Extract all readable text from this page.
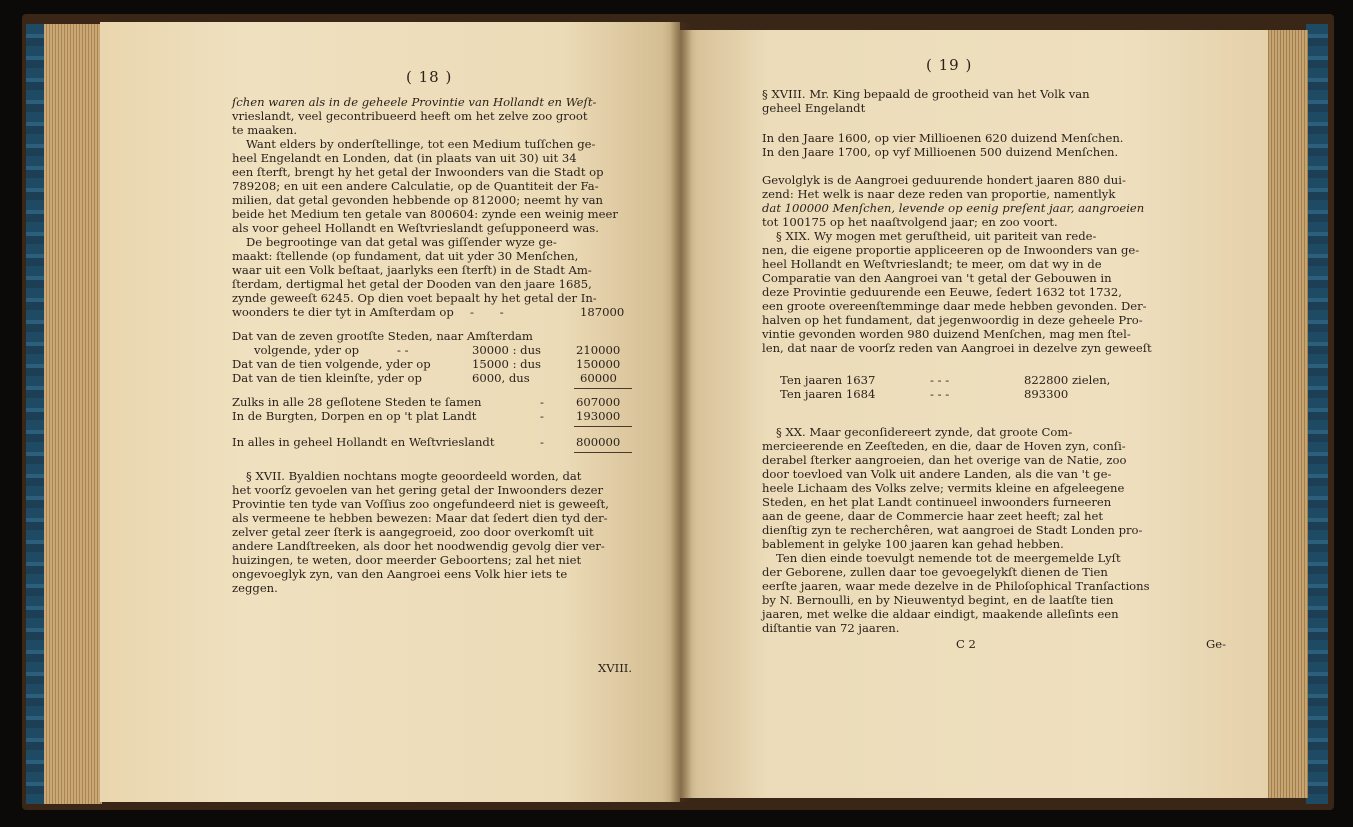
( 18 )
ſchen waren als in de geheele Provintie van Hollandt en Weſt-
vrieslandt, veel gecontribueerd heeft om het zelve zoo groot
te maaken.
Want elders by onderſtellinge, tot een Medium tuſſchen ge-
heel Engelandt en Londen, dat (in plaats van uit 30) uit 34
een ſterft, brengt hy het getal der Inwoonders van die Stadt op
789208; en uit een andere Calculatie, op de Quantiteit der Fa-
milien, dat getal gevonden hebbende op 812000; neemt hy van
beide het Medium ten getale van 800604: zynde een weinig meer
als voor geheel Hollandt en Weſtvrieslandt geſupponeerd was.
De begrootinge van dat getal was giſſender wyze ge-
maakt: ſtellende (op fundament, dat uit yder 30 Menſchen,
waar uit een Volk beſtaat, jaarlyks een ſterft) in de Stadt Am-
ſterdam, dertigmal het getal der Dooden van den jaare 1685,
zynde geweeſt 6245. Op dien voet bepaalt hy het getal der In-
woonders te dier tyt in Amſterdam op -       -	187000
Dat van de zeven grootſte Steden, naar Amſterdam
volgende, yder op	- -	30000 : dus	210000
Dat van de tien volgende, yder op	15000 : dus	150000
Dat van de tien kleinſte, yder op	6000, dus	60000
Zulks in alle 28 geſlotene Steden te ſamen	-	607000
In de Burgten, Dorpen en op 't plat Landt	-	193000
In alles in geheel Hollandt en Weſtvrieslandt	-	800000
§ XVII. Byaldien nochtans mogte geoordeeld worden, dat
het voorſz gevoelen van het gering getal der Inwoonders dezer
Provintie ten tyde van Voſſius zoo ongefundeerd niet is geweeſt,
als vermeene te hebben bewezen: Maar dat ſedert dien tyd der-
zelver getal zeer ſterk is aangegroeid, zoo door overkomſt uit
andere Landſtreeken, als door het noodwendig gevolg dier ver-
huizingen, te weten, door meerder Geboortens; zal het niet
ongevoeglyk zyn, van den Aangroei eens Volk hier iets te
zeggen.
XVIII.
( 19 )
§ XVIII. Mr. King bepaald de grootheid van het Volk van
geheel Engelandt
In den Jaare 1600, op vier Millioenen 620 duizend Menſchen.
In den Jaare 1700, op vyf Millioenen 500 duizend Menſchen.
Gevolglyk is de Aangroei geduurende hondert jaaren 880 dui-
zend: Het welk is naar deze reden van proportie, namentlyk
dat 100000 Menſchen, levende op eenig preſent jaar, aangroeien
tot 100175 op het naaſtvolgend jaar; en zoo voort.
§ XIX. Wy mogen met geruſtheid, uit pariteit van rede-
nen, die eigene proportie appliceeren op de Inwoonders van ge-
heel Hollandt en Weſtvrieslandt; te meer, om dat wy in de
Comparatie van den Aangroei van 't getal der Gebouwen in
deze Provintie geduurende een Eeuwe, ſedert 1632 tot 1732,
een groote overeenſtemminge daar mede hebben gevonden. Der-
halven op het fundament, dat jegenwoordig in deze geheele Pro-
vintie gevonden worden 980 duizend Menſchen, mag men ſtel-
len, dat naar de voorſz reden van Aangroei in dezelve zyn geweeſt
Ten jaaren 1637	- - -	822800 zielen,
Ten jaaren 1684	- - -	893300
§ XX. Maar geconſidereert zynde, dat groote Com-
mercieerende en Zeeſteden, en die, daar de Hoven zyn, conſi-
derabel ſterker aangroeien, dan het overige van de Natie, zoo
door toevloed van Volk uit andere Landen, als die van 't ge-
heele Lichaam des Volks zelve; vermits kleine en afgeleegene
Steden, en het plat Landt continueel inwoonders furneeren
aan de geene, daar de Commercie haar zeet heeft; zal het
dienſtig zyn te recherchêren, wat aangroei de Stadt Londen pro-
bablement in gelyke 100 jaaren kan gehad hebben.
Ten dien einde toevulgt nemende tot de meergemelde Lyſt
der Geborene, zullen daar toe gevoegelykſt dienen de Tien
eerſte jaaren, waar mede dezelve in de Philoſophical Tranſactions
by N. Bernoulli, en by Nieuwentyd begint, en de laatſte tien
jaaren, met welke die aldaar eindigt, maakende alleſints een
diſtantie van 72 jaaren.
C 2	Ge-
